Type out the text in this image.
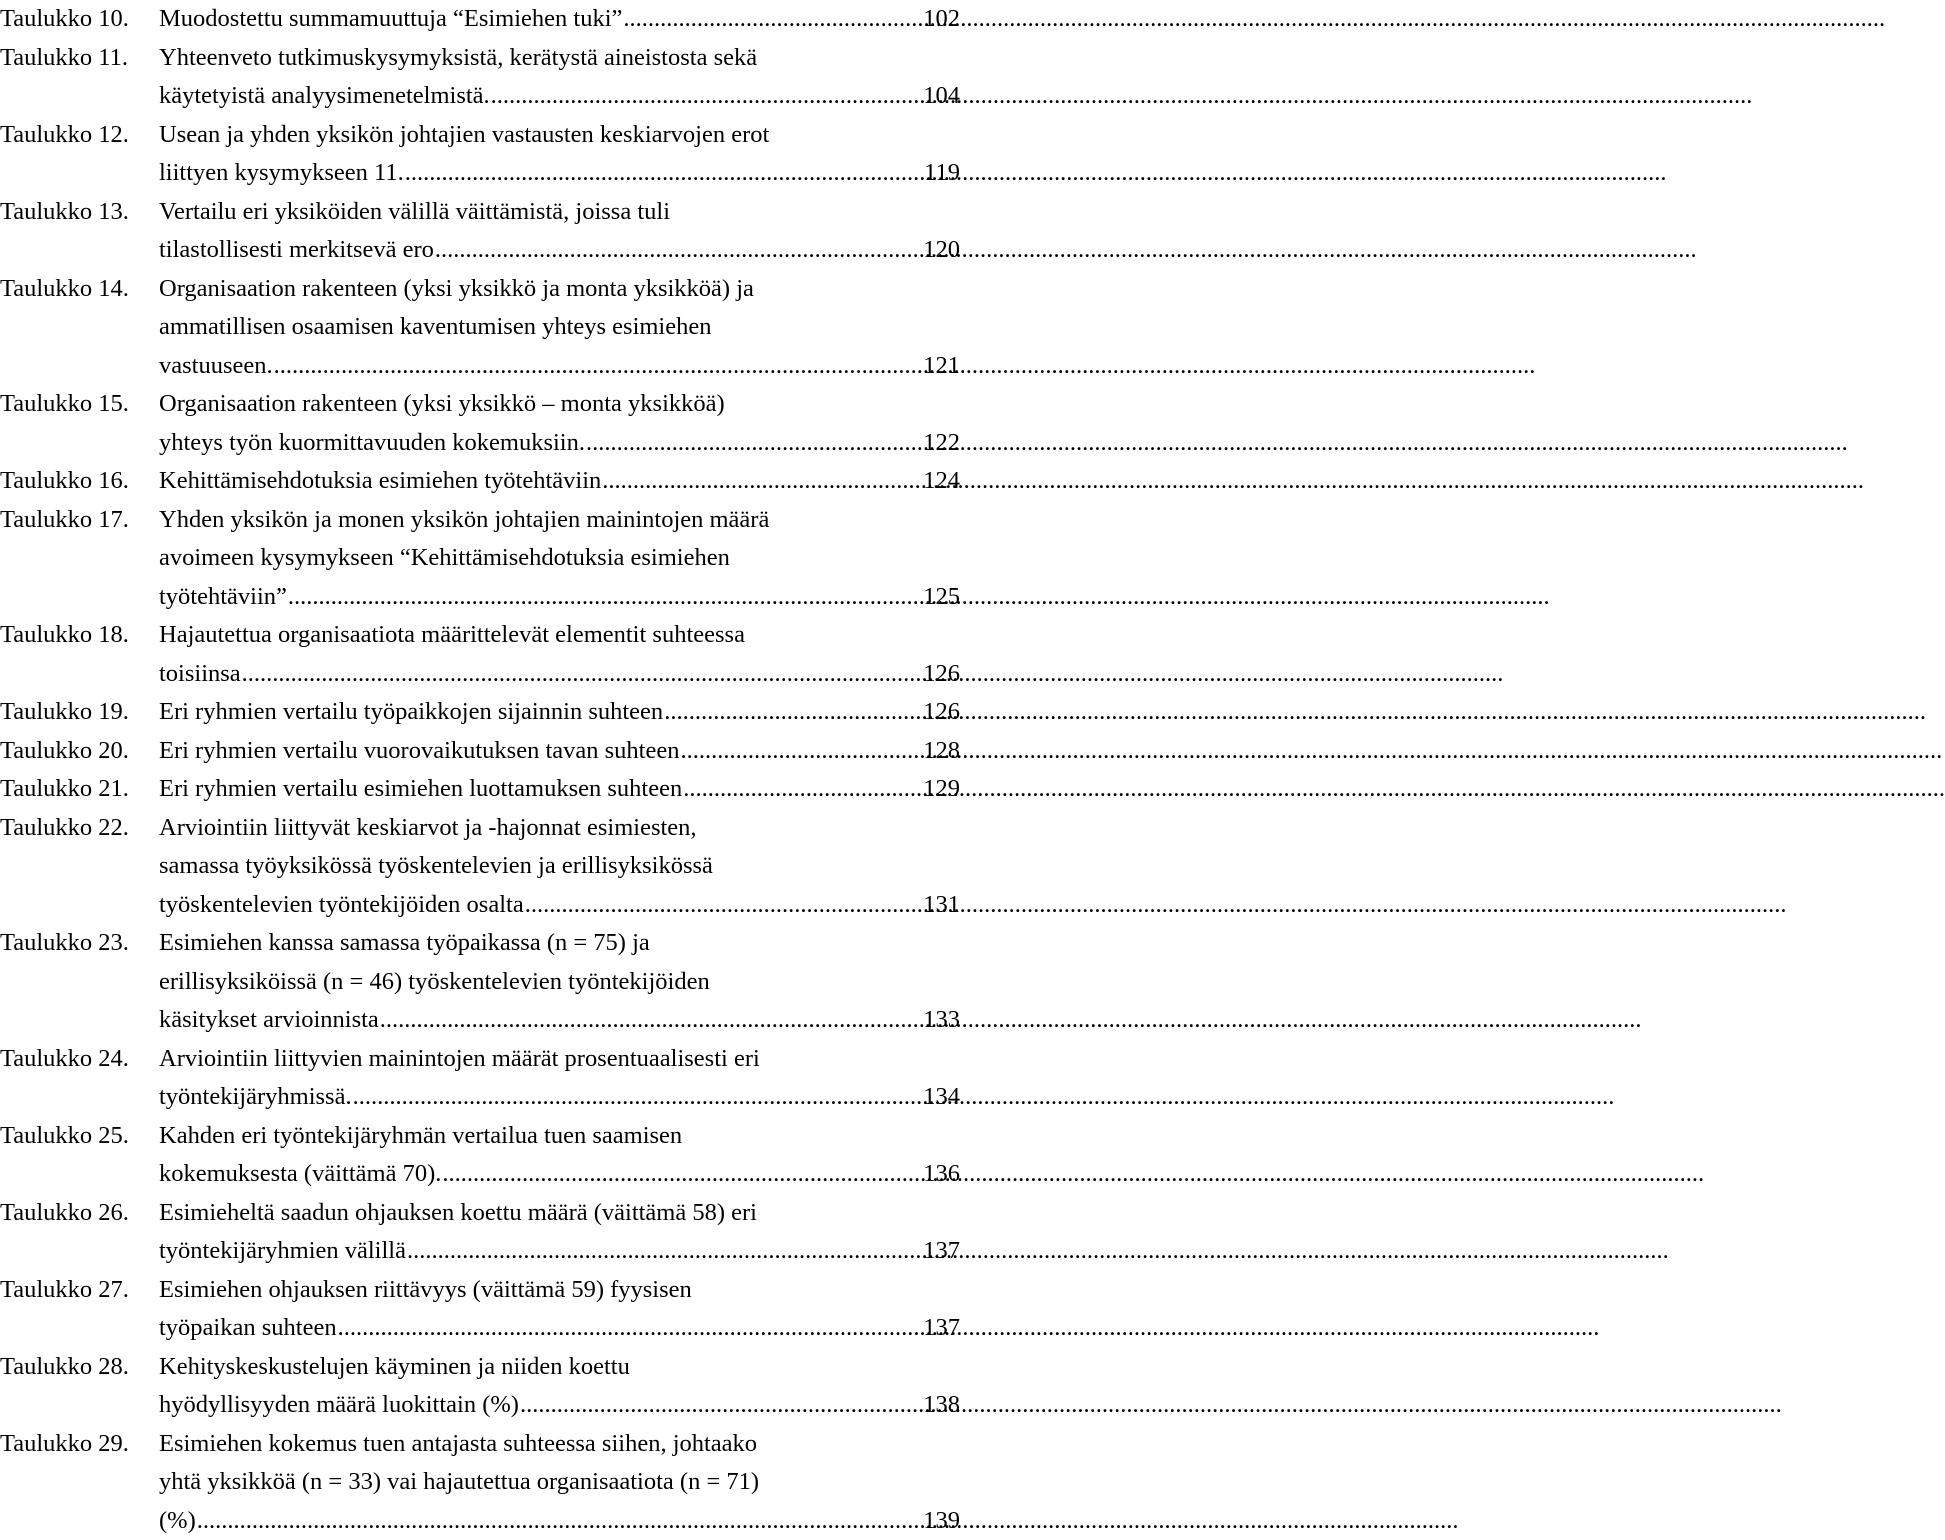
Taulukko 10. Muodostettu summamuuttuja “Esimiehen tuki” .....	102
Taulukko 11. Yhteenveto tutkimuskysymyksistä, kerätystä aineistosta sekä
käytetyistä analyysimenetelmistä. .....	104
Taulukko 12. Usean ja yhden yksikön johtajien vastausten keskiarvojen erot
liittyen kysymykseen 11. .....	119
Taulukko 13. Vertailu eri yksiköiden välillä väittämistä, joissa tuli
tilastollisesti merkitsevä ero .....	120
Taulukko 14. Organisaation rakenteen (yksi yksikkö ja monta yksikköä) ja
ammatillisen osaamisen kaventumisen yhteys esimiehen
vastuuseen. .....	121
Taulukko 15. Organisaation rakenteen (yksi yksikkö – monta yksikköä)
yhteys työn kuormittavuuden kokemuksiin. .....	122
Taulukko 16. Kehittämisehdotuksia esimiehen työtehtäviin .....	124
Taulukko 17. Yhden yksikön ja monen yksikön johtajien mainintojen määrä
avoimeen kysymykseen “Kehittämisehdotuksia esimiehen
työtehtäviin” .....	125
Taulukko 18. Hajautettua organisaatiota määrittelevät elementit suhteessa
toisiinsa .....	126
Taulukko 19. Eri ryhmien vertailu työpaikkojen sijainnin suhteen .....	126
Taulukko 20. Eri ryhmien vertailu vuorovaikutuksen tavan suhteen .....	128
Taulukko 21. Eri ryhmien vertailu esimiehen luottamuksen suhteen .....	129
Taulukko 22. Arviointiin liittyvät keskiarvot ja -hajonnat esimiesten,
samassa työyksikössä työskentelevien ja erillisyksikössä
työskentelevien työntekijöiden osalta .....	131
Taulukko 23. Esimiehen kanssa samassa työpaikassa (n = 75) ja
erillisyksiköissä (n = 46) työskentelevien työntekijöiden
käsitykset arvioinnista .....	133
Taulukko 24. Arviointiin liittyvien mainintojen määrät prosentuaalisesti eri
työntekijäryhmissä. .....	134
Taulukko 25. Kahden eri työntekijäryhmän vertailua tuen saamisen
kokemuksesta (väittämä 70). .....	136
Taulukko 26. Esimieheltä saadun ohjauksen koettu määrä (väittämä 58) eri
työntekijäryhmien välillä .....	137
Taulukko 27. Esimiehen ohjauksen riittävyys (väittämä 59) fyysisen
työpaikan suhteen .....	137
Taulukko 28. Kehityskeskustelujen käyminen ja niiden koettu
hyödyllisyyden määrä luokittain (%) .....	138
Taulukko 29. Esimiehen kokemus tuen antajasta suhteessa siihen, johtaako
yhtä yksikköä (n = 33) vai hajautettua organisaatiota (n = 71)
(%) .....	139
